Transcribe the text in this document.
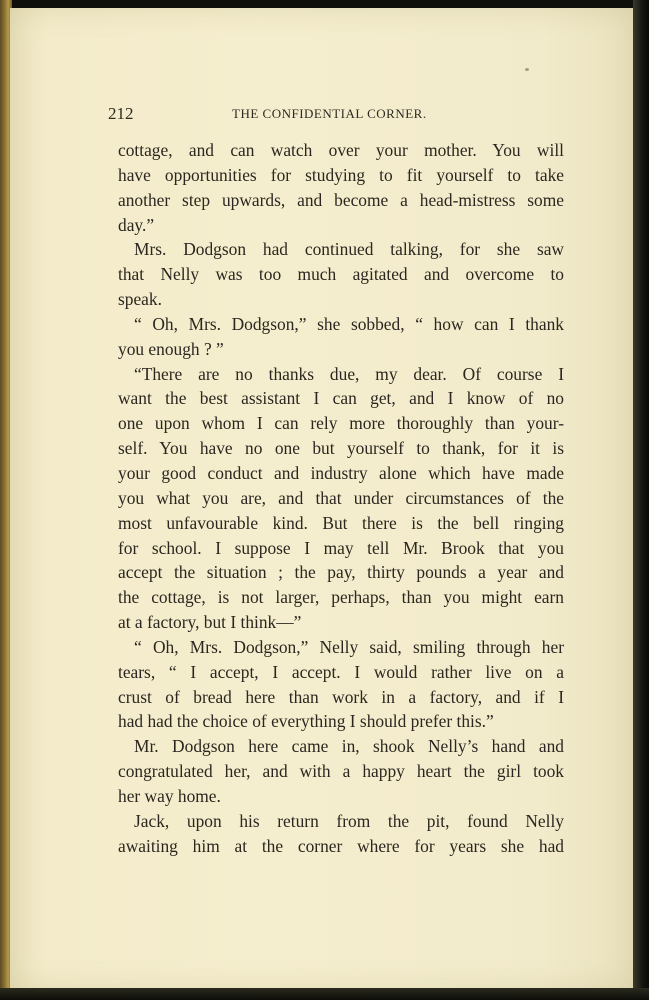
212	THE CONFIDENTIAL CORNER.
cottage, and can watch over your mother. You will
have opportunities for studying to fit yourself to take
another step upwards, and become a head-mistress some
day.”
Mrs. Dodgson had continued talking, for she saw
that Nelly was too much agitated and overcome to
speak.
“ Oh, Mrs. Dodgson,” she sobbed, “ how can I thank
you enough ? ”
“There are no thanks due, my dear. Of course I
want the best assistant I can get, and I know of no
one upon whom I can rely more thoroughly than your-
self. You have no one but yourself to thank, for it is
your good conduct and industry alone which have made
you what you are, and that under circumstances of the
most unfavourable kind. But there is the bell ringing
for school. I suppose I may tell Mr. Brook that you
accept the situation ; the pay, thirty pounds a year and
the cottage, is not larger, perhaps, than you might earn
at a factory, but I think—”
“ Oh, Mrs. Dodgson,” Nelly said, smiling through her
tears, “ I accept, I accept. I would rather live on a
crust of bread here than work in a factory, and if I
had had the choice of everything I should prefer this.”
Mr. Dodgson here came in, shook Nelly’s hand and
congratulated her, and with a happy heart the girl took
her way home.
Jack, upon his return from the pit, found Nelly
awaiting him at the corner where for years she had
